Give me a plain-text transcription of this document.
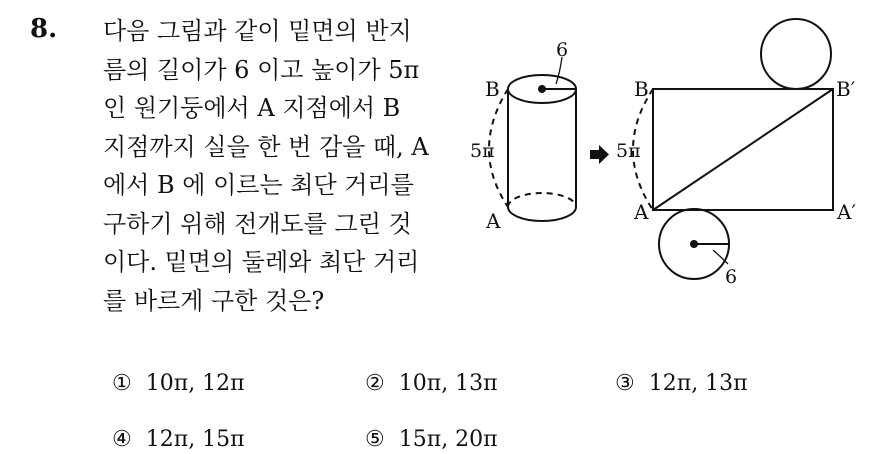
8. 다음 그림과 같이 밑면의 반지
름의 길이가 6 이고 높이가 5π
인 원기둥에서 A 지점에서 B
지점까지 실을 한 번 감을 때, A
에서 B 에 이르는 최단 거리를
구하기 위해 전개도를 그린 것
이다. 밑면의 둘레와 최단 거리
를 바르게 구한 것은?
B
A
5π
6
B	B′
A	A′
5π
6
① 10π, 12π	② 10π, 13π	③ 12π, 13π
④ 12π, 15π	⑤ 15π, 20π
